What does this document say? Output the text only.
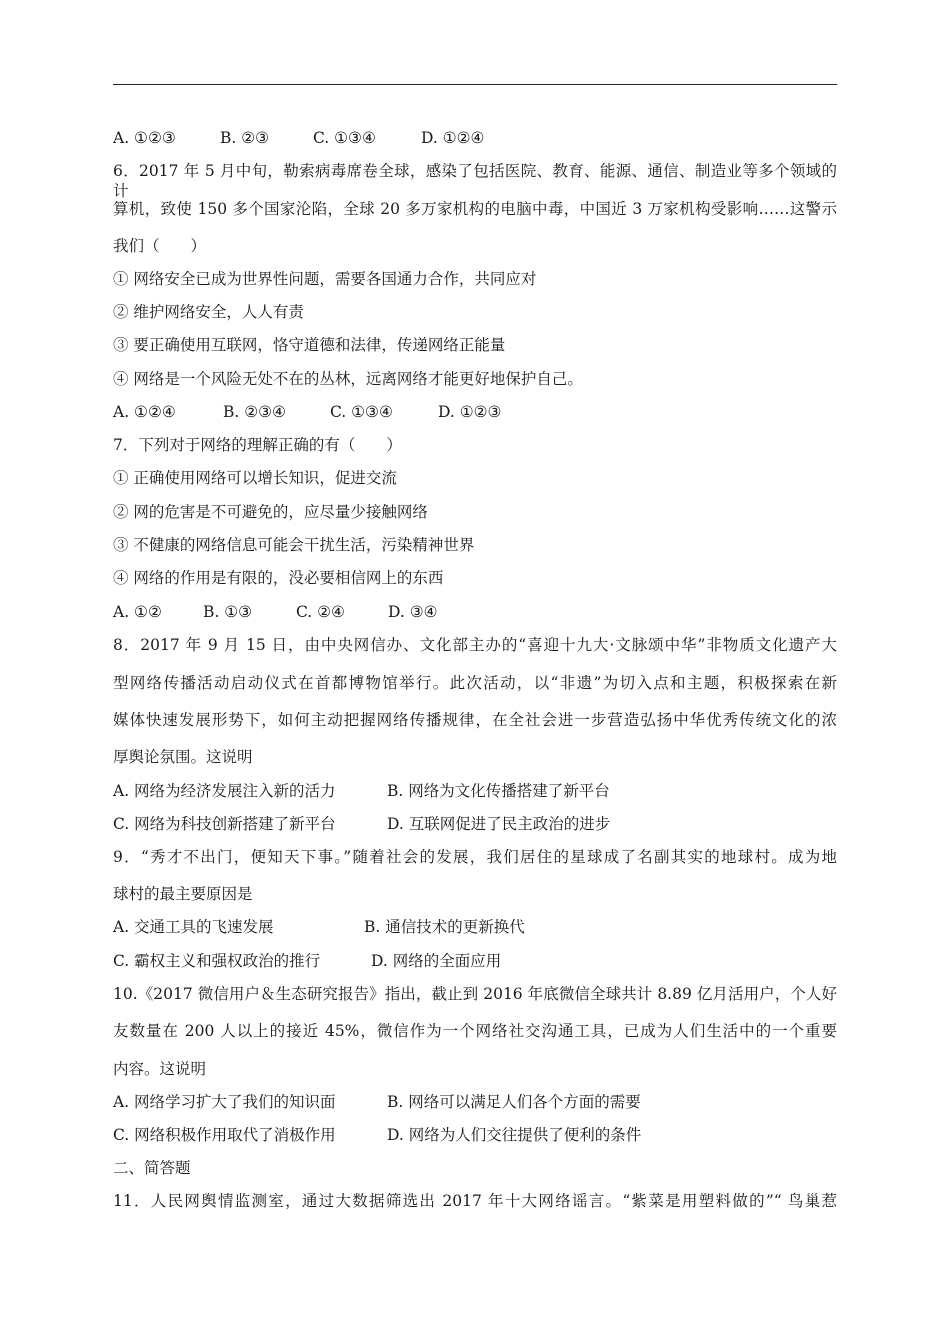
A. ①②③	B. ②③	C. ①③④	D. ①②④
6．2017 年 5 月中旬，勒索病毒席卷全球，感染了包括医院、教育、能源、通信、制造业等多个领域的计
算机，致使 150 多个国家沦陷，全球 20 多万家机构的电脑中毒，中国近 3 万家机构受影响……这警示
我们（　　）
① 网络安全已成为世界性问题，需要各国通力合作，共同应对
② 维护网络安全，人人有责
③ 要正确使用互联网，恪守道德和法律，传递网络正能量
④ 网络是一个风险无处不在的丛林，远离网络才能更好地保护自己。
A. ①②④	B. ②③④	C. ①③④	D. ①②③
7．下列对于网络的理解正确的有（　　）
① 正确使用网络可以增长知识，促进交流
② 网的危害是不可避免的，应尽量少接触网络
③ 不健康的网络信息可能会干扰生活，污染精神世界
④ 网络的作用是有限的，没必要相信网上的东西
A. ①②	B. ①③	C. ②④	D. ③④
8．2017 年 9 月 15 日，由中央网信办、文化部主办的“喜迎十九大·文脉颂中华”非物质文化遗产大
型网络传播活动启动仪式在首都博物馆举行。此次活动，以“非遗”为切入点和主题，积极探索在新
媒体快速发展形势下，如何主动把握网络传播规律，在全社会进一步营造弘扬中华优秀传统文化的浓
厚舆论氛围。这说明
A. 网络为经济发展注入新的活力	B. 网络为文化传播搭建了新平台
C. 网络为科技创新搭建了新平台	D. 互联网促进了民主政治的进步
9．“秀才不出门，便知天下事。”随着社会的发展，我们居住的星球成了名副其实的地球村。成为地
球村的最主要原因是
A. 交通工具的飞速发展	B. 通信技术的更新换代
C. 霸权主义和强权政治的推行	D. 网络的全面应用
10.《2017 微信用户＆生态研究报告》指出，截止到 2016 年底微信全球共计 8.89 亿月活用户，个人好
友数量在 200 人以上的接近 45%，微信作为一个网络社交沟通工具，已成为人们生活中的一个重要
内容。这说明
A. 网络学习扩大了我们的知识面	B. 网络可以满足人们各个方面的需要
C. 网络积极作用取代了消极作用	D. 网络为人们交往提供了便利的条件
二、简答题
11．人民网舆情监测室，通过大数据筛选出 2017 年十大网络谣言。“紫菜是用塑料做的”“ 鸟巢惹
